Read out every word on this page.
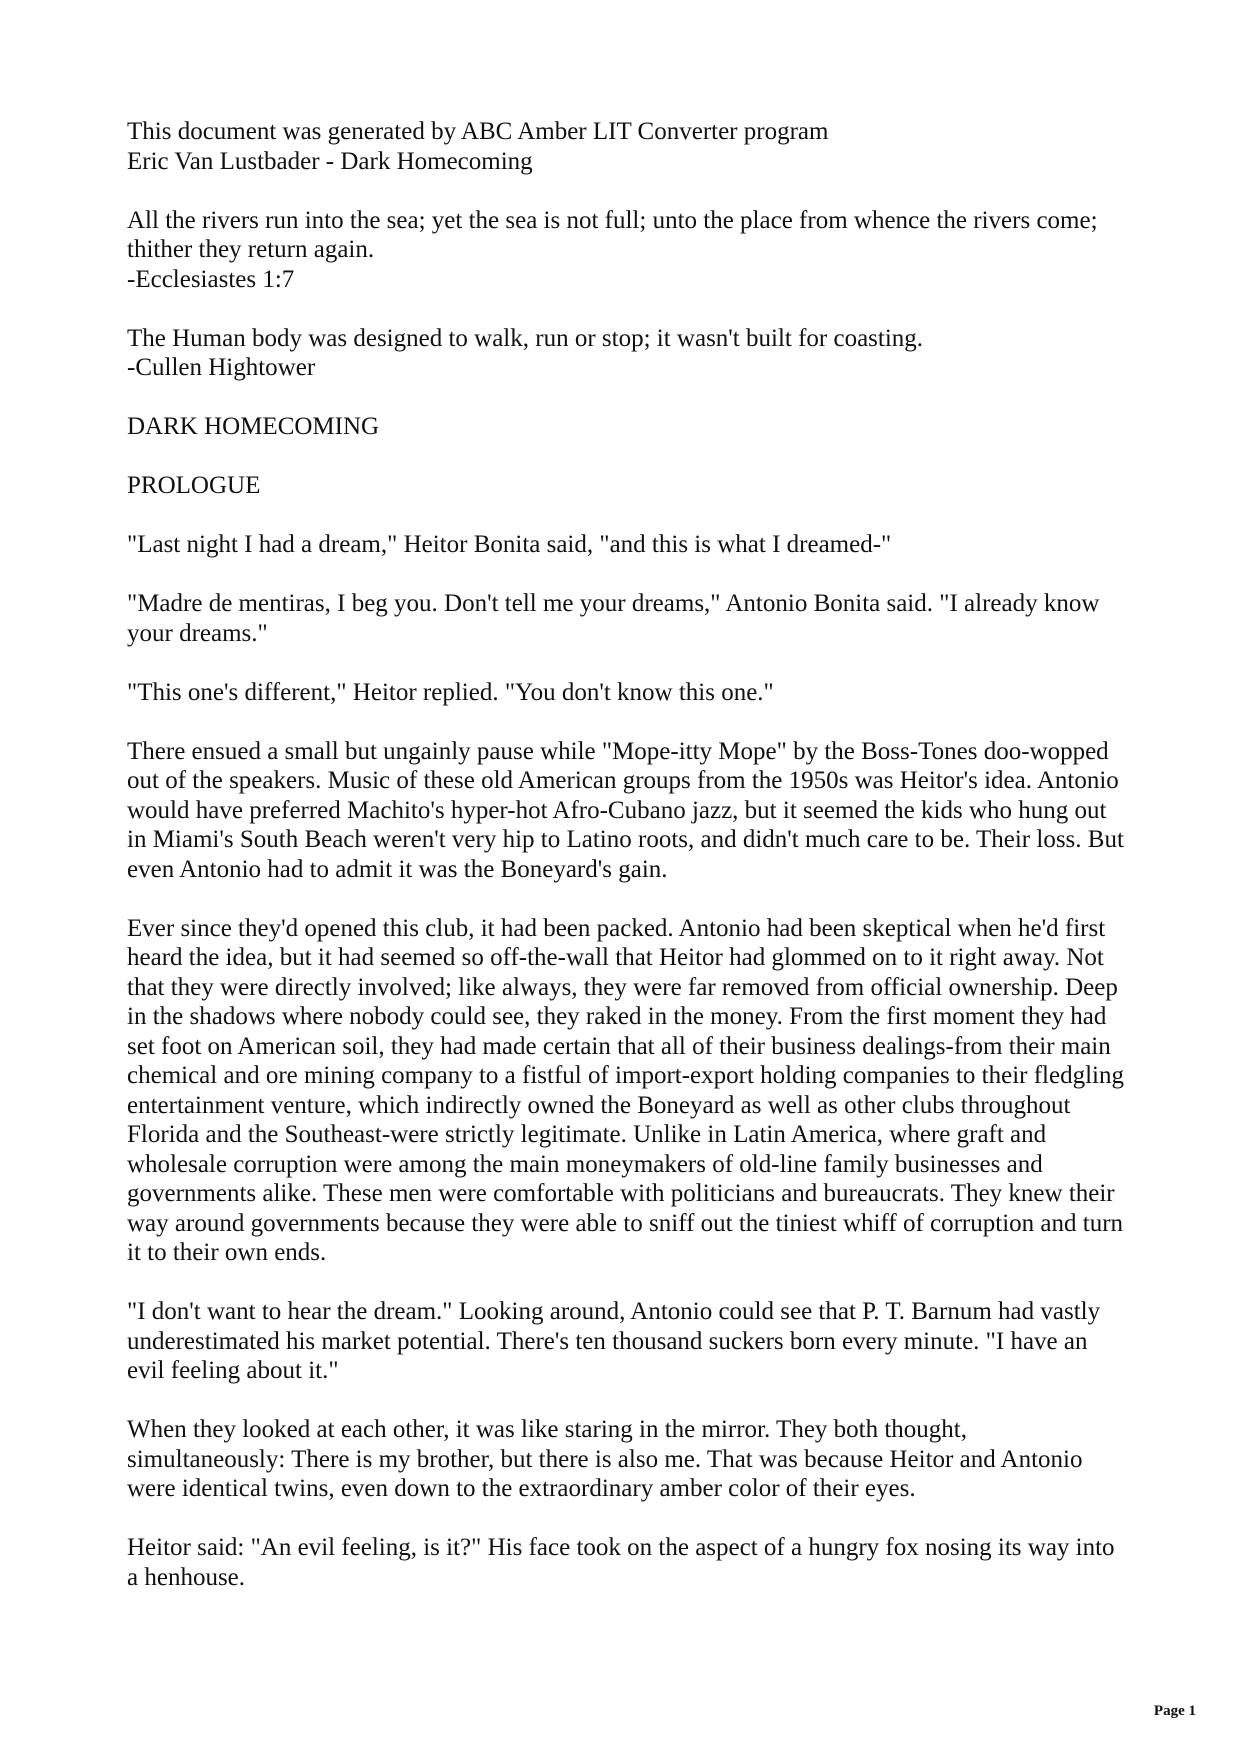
This document was generated by ABC Amber LIT Converter program
Eric Van Lustbader - Dark Homecoming

All the rivers run into the sea; yet the sea is not full; unto the place from whence the rivers come; thither they return again.
-Ecclesiastes 1:7

The Human body was designed to walk, run or stop; it wasn't built for coasting.
-Cullen Hightower

DARK HOMECOMING

PROLOGUE

"Last night I had a dream," Heitor Bonita said, "and this is what I dreamed-"

"Madre de mentiras, I beg you. Don't tell me your dreams," Antonio Bonita said. "I already know your dreams."

"This one's different," Heitor replied. "You don't know this one."

There ensued a small but ungainly pause while "Mope-itty Mope" by the Boss-Tones doo-wopped out of the speakers. Music of these old American groups from the 1950s was Heitor's idea. Antonio would have preferred Machito's hyper-hot Afro-Cubano jazz, but it seemed the kids who hung out in Miami's South Beach weren't very hip to Latino roots, and didn't much care to be. Their loss. But even Antonio had to admit it was the Boneyard's gain.

Ever since they'd opened this club, it had been packed. Antonio had been skeptical when he'd first heard the idea, but it had seemed so off-the-wall that Heitor had glommed on to it right away. Not that they were directly involved; like always, they were far removed from official ownership. Deep in the shadows where nobody could see, they raked in the money. From the first moment they had set foot on American soil, they had made certain that all of their business dealings-from their main chemical and ore mining company to a fistful of import-export holding companies to their fledgling entertainment venture, which indirectly owned the Boneyard as well as other clubs throughout Florida and the Southeast-were strictly legitimate. Unlike in Latin America, where graft and wholesale corruption were among the main moneymakers of old-line family businesses and governments alike. These men were comfortable with politicians and bureaucrats. They knew their way around governments because they were able to sniff out the tiniest whiff of corruption and turn it to their own ends.

"I don't want to hear the dream." Looking around, Antonio could see that P. T. Barnum had vastly underestimated his market potential. There's ten thousand suckers born every minute. "I have an evil feeling about it."

When they looked at each other, it was like staring in the mirror. They both thought, simultaneously: There is my brother, but there is also me. That was because Heitor and Antonio were identical twins, even down to the extraordinary amber color of their eyes.

Heitor said: "An evil feeling, is it?" His face took on the aspect of a hungry fox nosing its way into a henhouse.

Page 1
